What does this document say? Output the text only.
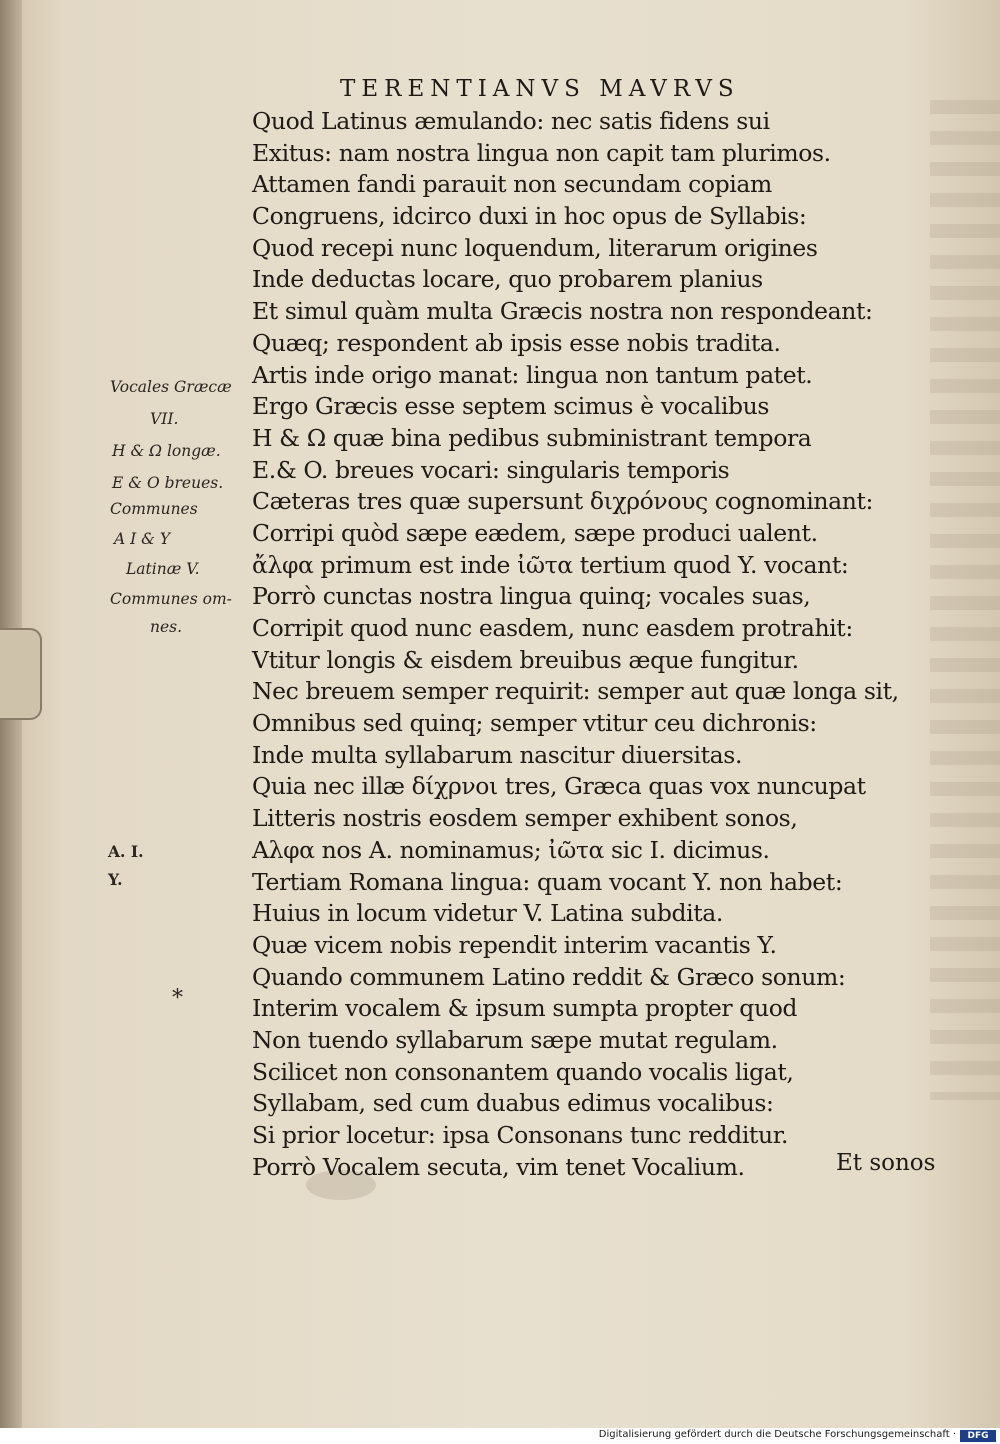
TERENTIANVS MAVRVS
Quod Latinus æmulando: nec satis fidens sui
Exitus: nam nostra lingua non capit tam plurimos.
Attamen fandi parauit non secundam copiam
Congruens, idcirco duxi in hoc opus de Syllabis:
Quod recepi nunc loquendum, literarum origines
Inde deductas locare, quo probarem planius
Et simul quàm multa Græcis nostra non respondeant:
Quæq; respondent ab ipsis esse nobis tradita.
Artis inde origo manat: lingua non tantum patet.
Ergo Græcis esse septem scimus è vocalibus
Η & Ω quæ bina pedibus subministrant tempora
E.& O. breues vocari: singularis temporis
Cæteras tres quæ supersunt διχρόνους cognominant:
Corripi quòd sæpe eædem, sæpe produci ualent.
ἄλφα primum est inde ἰῶτα tertium quod Y. vocant:
Porrò cunctas nostra lingua quinq; vocales suas,
Corripit quod nunc easdem, nunc easdem protrahit:
Vtitur longis & eisdem breuibus æque fungitur.
Nec breuem semper requirit: semper aut quæ longa sit,
Omnibus sed quinq; semper vtitur ceu dichronis:
Inde multa syllabarum nascitur diuersitas.
Quia nec illæ δίχρνοι tres, Græca quas vox nuncupat
Litteris nostris eosdem semper exhibent sonos,
Αλφα nos A. nominamus; ἰῶτα sic I. dicimus.
Tertiam Romana lingua: quam vocant Y. non habet:
Huius in locum videtur V. Latina subdita.
Quæ vicem nobis rependit interim vacantis Y.
Quando communem Latino reddit & Græco sonum:
Interim vocalem & ipsum sumpta propter quod
Non tuendo syllabarum sæpe mutat regulam.
Scilicet non consonantem quando vocalis ligat,
Syllabam, sed cum duabus edimus vocalibus:
Si prior locetur: ipsa Consonans tunc redditur.
Porrò Vocalem secuta, vim tenet Vocalium.
Vocales Græcæ
VII.
Η & Ω longæ.
Ε & Ο breues.
Communes
Α Ι & Υ
Latinæ V.
Communes om-
nes.
A. I.
Y.
*
Et sonos
Digitalisierung gefördert durch die Deutsche Forschungsgemeinschaft ·	DFG
